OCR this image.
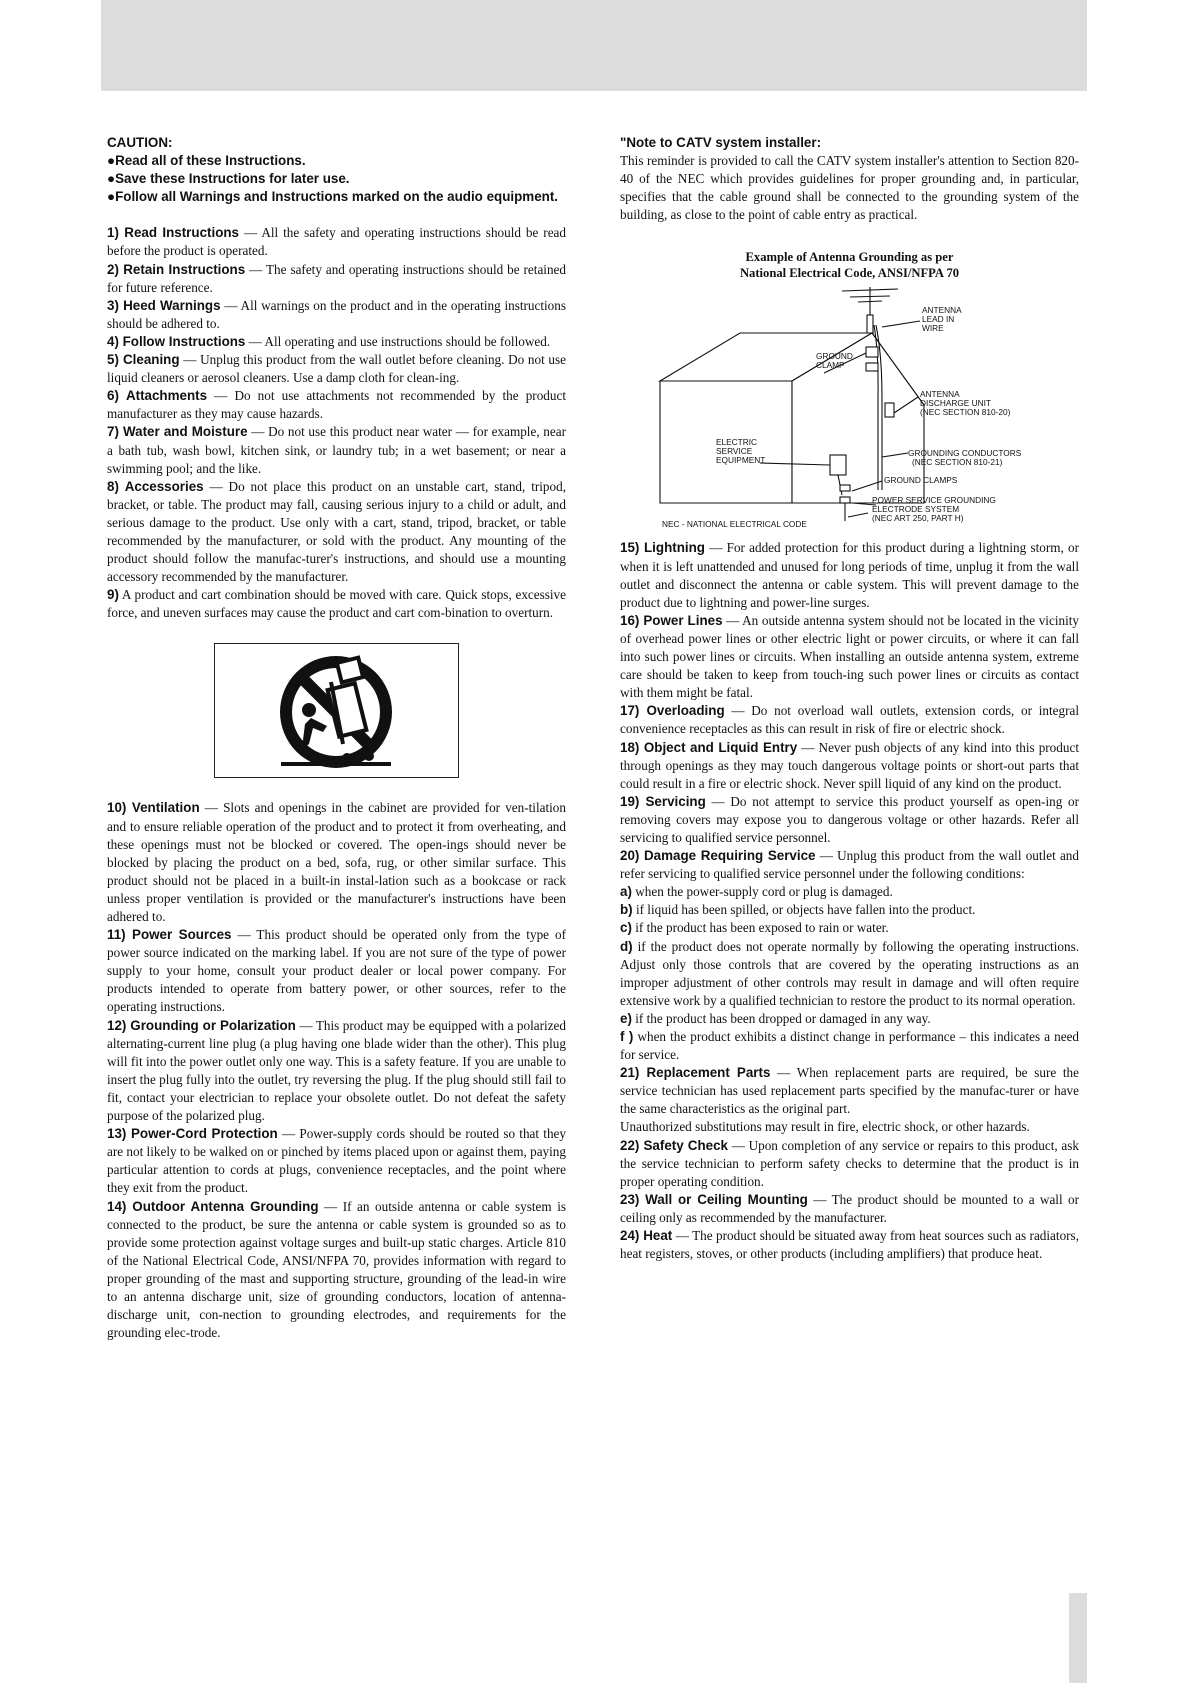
CAUTION:
●Read all of these Instructions.
●Save these Instructions for later use.
●Follow all Warnings and Instructions marked on the audio equipment.

1) Read Instructions — All the safety and operating instructions should be read before the product is operated.

2) Retain Instructions — The safety and operating instructions should be retained for future reference.

3) Heed Warnings — All warnings on the product and in the operating instructions should be adhered to.

4) Follow Instructions — All operating and use instructions should be followed.

5) Cleaning — Unplug this product from the wall outlet before cleaning. Do not use liquid cleaners or aerosol cleaners. Use a damp cloth for clean-ing.

6) Attachments — Do not use attachments not recommended by the product manufacturer as they may cause hazards.

7) Water and Moisture — Do not use this product near water — for example, near a bath tub, wash bowl, kitchen sink, or laundry tub; in a wet basement; or near a swimming pool; and the like.

8) Accessories — Do not place this product on an unstable cart, stand, tripod, bracket, or table. The product may fall, causing serious injury to a child or adult, and serious damage to the product. Use only with a cart, stand, tripod, bracket, or table recommended by the manufacturer, or sold with the product. Any mounting of the product should follow the manufac-turer's instructions, and should use a mounting accessory recommended by the manufacturer.

9) A product and cart combination should be moved with care. Quick stops, excessive force, and uneven surfaces may cause the product and cart com-bination to overturn.

10) Ventilation — Slots and openings in the cabinet are provided for ven-tilation and to ensure reliable operation of the product and to protect it from overheating, and these openings must not be blocked or covered. The open-ings should never be blocked by placing the product on a bed, sofa, rug, or other similar surface. This product should not be placed in a built-in instal-lation such as a bookcase or rack unless proper ventilation is provided or the manufacturer's instructions have been adhered to.

11) Power Sources — This product should be operated only from the type of power source indicated on the marking label. If you are not sure of the type of power supply to your home, consult your product dealer or local power company. For products intended to operate from battery power, or other sources, refer to the operating instructions.

12) Grounding or Polarization — This product may be equipped with a polarized alternating-current line plug (a plug having one blade wider than the other). This plug will fit into the power outlet only one way. This is a safety feature. If you are unable to insert the plug fully into the outlet, try reversing the plug. If the plug should still fail to fit, contact your electrician to replace your obsolete outlet. Do not defeat the safety purpose of the polarized plug.

13) Power-Cord Protection — Power-supply cords should be routed so that they are not likely to be walked on or pinched by items placed upon or against them, paying particular attention to cords at plugs, convenience receptacles, and the point where they exit from the product.

14) Outdoor Antenna Grounding — If an outside antenna or cable system is connected to the product, be sure the antenna or cable system is grounded so as to provide some protection against voltage surges and built-up static charges. Article 810 of the National Electrical Code, ANSI/NFPA 70, provides information with regard to proper grounding of the mast and supporting structure, grounding of the lead-in wire to an antenna discharge unit, size of grounding conductors, location of antenna-discharge unit, con-nection to grounding electrodes, and requirements for the grounding elec-trode.

"Note to CATV system installer:

This reminder is provided to call the CATV system installer's attention to Section 820-40 of the NEC which provides guidelines for proper grounding and, in particular, specifies that the cable ground shall be connected to the grounding system of the building, as close to the point of cable entry as practical.

Example of Antenna Grounding as per
National Electrical Code, ANSI/NFPA 70
ANTENNA
LEAD IN
WIRE
GROUND
CLAMP
ANTENNA
DISCHARGE UNIT
(NEC SECTION 810-20)
ELECTRIC
SERVICE
EQUIPMENT
GROUNDING CONDUCTORS
(NEC SECTION 810-21)
GROUND CLAMPS
POWER SERVICE GROUNDING
ELECTRODE SYSTEM
(NEC ART 250, PART H)
NEC - NATIONAL ELECTRICAL CODE

15) Lightning — For added protection for this product during a lightning storm, or when it is left unattended and unused for long periods of time, unplug it from the wall outlet and disconnect the antenna or cable system. This will prevent damage to the product due to lightning and power-line surges.

16) Power Lines — An outside antenna system should not be located in the vicinity of overhead power lines or other electric light or power circuits, or where it can fall into such power lines or circuits. When installing an outside antenna system, extreme care should be taken to keep from touch-ing such power lines or circuits as contact with them might be fatal.

17) Overloading — Do not overload wall outlets, extension cords, or integral convenience receptacles as this can result in risk of fire or electric shock.

18) Object and Liquid Entry — Never push objects of any kind into this product through openings as they may touch dangerous voltage points or short-out parts that could result in a fire or electric shock. Never spill liquid of any kind on the product.

19) Servicing — Do not attempt to service this product yourself as open-ing or removing covers may expose you to dangerous voltage or other hazards. Refer all servicing to qualified service personnel.

20) Damage Requiring Service — Unplug this product from the wall outlet and refer servicing to qualified service personnel under the following conditions:

a) when the power-supply cord or plug is damaged.

b) if liquid has been spilled, or objects have fallen into the product.

c) if the product has been exposed to rain or water.

d) if the product does not operate normally by following the operating instructions. Adjust only those controls that are covered by the operating instructions as an improper adjustment of other controls may result in damage and will often require extensive work by a qualified technician to restore the product to its normal operation.

e) if the product has been dropped or damaged in any way.

f ) when the product exhibits a distinct change in performance – this indicates a need for service.

21) Replacement Parts — When replacement parts are required, be sure the service technician has used replacement parts specified by the manufac-turer or have the same characteristics as the original part.

Unauthorized substitutions may result in fire, electric shock, or other hazards.

22) Safety Check — Upon completion of any service or repairs to this product, ask the service technician to perform safety checks to determine that the product is in proper operating condition.

23) Wall or Ceiling Mounting — The product should be mounted to a wall or ceiling only as recommended by the manufacturer.

24) Heat — The product should be situated away from heat sources such as radiators, heat registers, stoves, or other products (including amplifiers) that produce heat.
